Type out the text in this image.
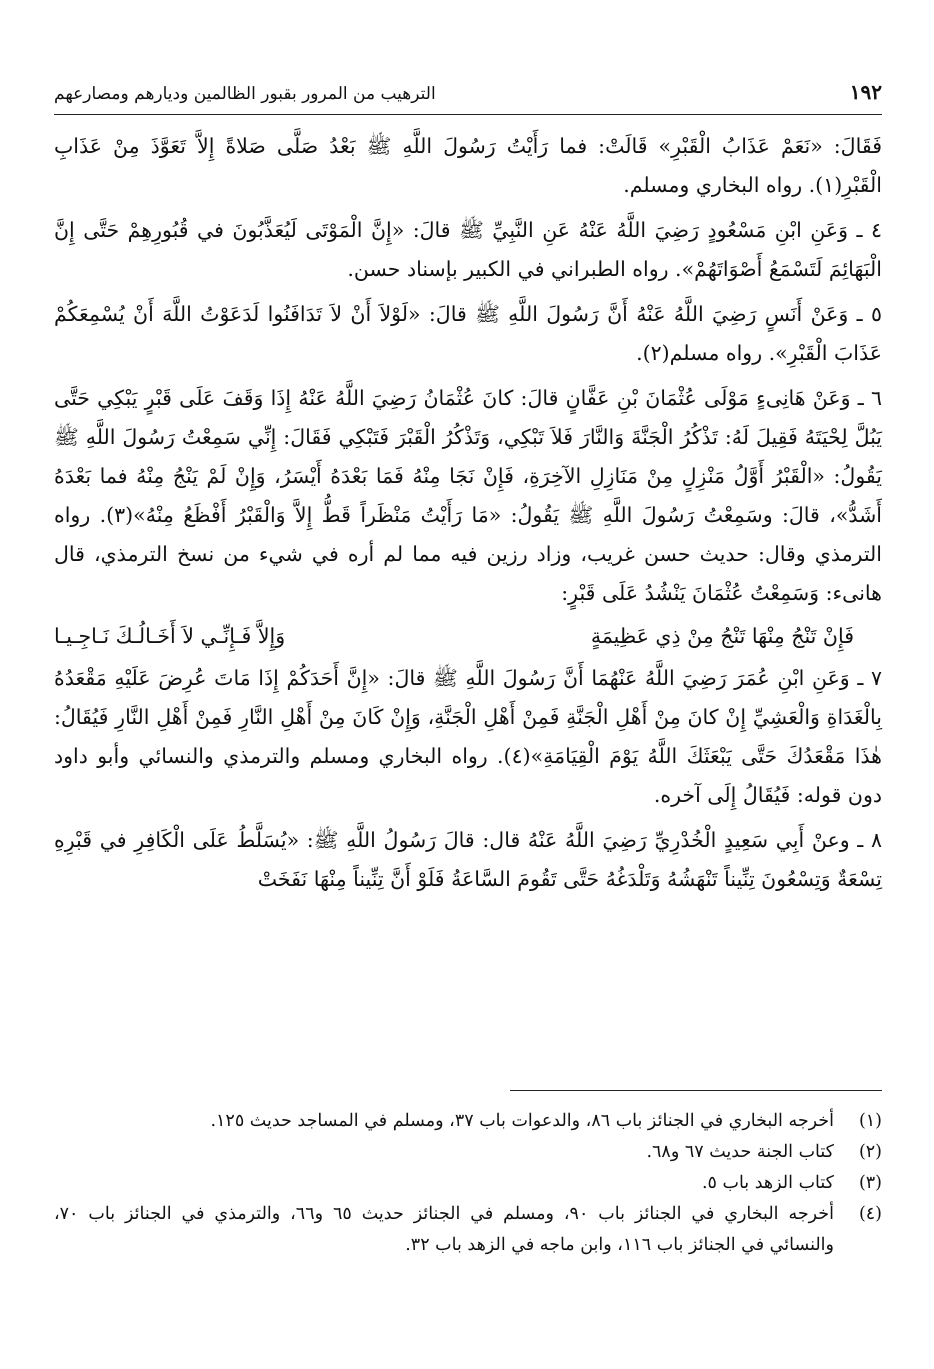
١٩٢
الترهيب من المرور بقبور الظالمين وديارهم ومصارعهم

فَقَالَ: «نَعَمْ عَذَابُ الْقَبْرِ» قَالَتْ: فما رَأَيْتُ رَسُولَ اللَّهِ ﷺ بَعْدُ صَلَّى صَلاةً إِلاَّ تَعَوَّذَ مِنْ عَذَابِ الْقَبْرِ(١). رواه البخاري ومسلم.

٤ ـ وَعَنِ ابْنِ مَسْعُودٍ رَضِيَ اللَّهُ عَنْهُ عَنِ النَّبِيِّ ﷺ قالَ: «إِنَّ الْمَوْتَى لَيُعَذَّبُونَ في قُبُورِهِمْ حَتَّى إِنَّ الْبَهَائِمَ لَتَسْمَعُ أَصْوَاتَهُمْ». رواه الطبراني في الكبير بإسناد حسن.

٥ ـ وَعَنْ أَنَسٍ رَضِيَ اللَّهُ عَنْهُ أَنَّ رَسُولَ اللَّهِ ﷺ قالَ: «لَوْلاَ أَنْ لاَ تَدَافَنُوا لَدَعَوْتُ اللَّهَ أَنْ يُسْمِعَكُمْ عَذَابَ الْقَبْرِ». رواه مسلم(٢).

٦ ـ وَعَنْ هَانِىءٍ مَوْلَى عُثْمَانَ بْنِ عَفَّانٍ قالَ: كانَ عُثْمَانُ رَضِيَ اللَّهُ عَنْهُ إِذَا وَقَفَ عَلَى قَبْرٍ يَبْكِي حَتَّى يَبُلَّ لِحْيَتَهُ فَقِيلَ لَهُ: تَذْكُرُ الْجَنَّةَ وَالنَّارَ فَلاَ تَبْكِي، وَتَذْكُرُ الْقَبْرَ فَتَبْكِي فَقَالَ: إِنِّي سَمِعْتُ رَسُولَ اللَّهِ ﷺ يَقُولُ: «الْقَبْرُ أَوَّلُ مَنْزِلٍ مِنْ مَنَازِلِ الآخِرَةِ، فَإِنْ نَجَا مِنْهُ فَمَا بَعْدَهُ أَيْسَرُ، وَإِنْ لَمْ يَنْجُ مِنْهُ فما بَعْدَهُ أَشَدُّ»، قالَ: وسَمِعْتُ رَسُولَ اللَّهِ ﷺ يَقُولُ: «مَا رَأَيْتُ مَنْظَراً قَطُّ إِلاَّ وَالْقَبْرُ أَفْظَعُ مِنْهُ»(٣). رواه الترمذي وقال: حديث حسن غريب، وزاد رزين فيه مما لم أره في شيء من نسخ الترمذي، قال هانىء: وَسَمِعْتُ عُثْمَانَ يَنْشُدُ عَلَى قَبْرٍ:

فَإِنْ تَنْجُ مِنْهَا تَنْجُ مِنْ ذِي عَظِيمَةٍ
وَإِلاَّ فَـإِنِّـي لاَ أَخَـالُـكَ نَـاجِـيـا

٧ ـ وَعَنِ ابْنِ عُمَرَ رَضِيَ اللَّهُ عَنْهُمَا أَنَّ رَسُولَ اللَّهِ ﷺ قالَ: «إِنَّ أَحَدَكُمْ إِذَا مَاتَ عُرِضَ عَلَيْهِ مَقْعَدُهُ بِالْغَدَاةِ وَالْعَشِيِّ إِنْ كانَ مِنْ أَهْلِ الْجَنَّةِ فَمِنْ أَهْلِ الْجَنَّةِ، وَإِنْ كَانَ مِنْ أَهْلِ النَّارِ فَمِنْ أَهْلِ النَّارِ فَيُقَالُ: هٰذَا مَقْعَدُكَ حَتَّى يَبْعَثَكَ اللَّهُ يَوْمَ الْقِيَامَةِ»(٤). رواه البخاري ومسلم والترمذي والنسائي وأبو داود دون قوله: فَيُقَالُ إِلَى آخره.

٨ ـ وعنْ أَبِي سَعِيدٍ الْخُدْرِيِّ رَضِيَ اللَّهُ عَنْهُ قال: قالَ رَسُولُ اللَّهِ ﷺ: «يُسَلَّطُ عَلَى الْكَافِرِ في قَبْرِهِ تِسْعَةٌ وَتِسْعُونَ تِنِّيناً تَنْهَشُهُ وَتَلْدَغُهُ حَتَّى تَقُومَ السَّاعَةُ فَلَوْ أَنَّ تِنِّيناً مِنْهَا نَفَخَتْ

(١)
أخرجه البخاري في الجنائز باب ٨٦، والدعوات باب ٣٧، ومسلم في المساجد حديث ١٢٥.
(٢)
كتاب الجنة حديث ٦٧ و٦٨.
(٣)
كتاب الزهد باب ٥.
(٤)
أخرجه البخاري في الجنائز باب ٩٠، ومسلم في الجنائز حديث ٦٥ و٦٦، والترمذي في الجنائز باب ٧٠، والنسائي في الجنائز باب ١١٦، وابن ماجه في الزهد باب ٣٢.
